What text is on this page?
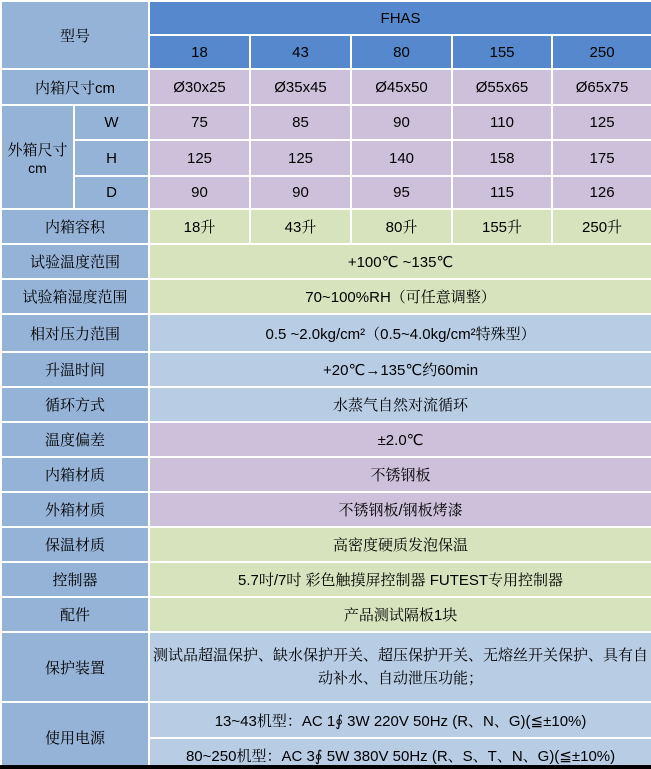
型号		FHAS				
		18	43	80	155	250
内箱尺寸cm		Ø30x25	Ø35x45	Ø45x50	Ø55x65	Ø65x75

外箱尺寸
cm	W	75	85	90	110	125
	H	125	125	140	158	175
	D	90	90	95	115	126
内箱容积		18升	43升	80升	155升	250升
试验温度范围		+100℃ ~135℃				
试验箱湿度范围		70~100%RH（可任意调整）				
相对压力范围		0.5 ~2.0kg/cm²（0.5~4.0kg/cm²特殊型）				
升温时间		+20℃→135℃约60min				
循环方式		水蒸气自然对流循环				
温度偏差		±2.0℃				
内箱材质		不锈钢板				
外箱材质		不锈钢板/钢板烤漆				
保温材质		高密度硬质发泡保温				
控制器		5.7吋/7吋 彩色触摸屏控制器 FUTEST专用控制器				
配件		产品测试隔板1块				
保护装置		测试品超温保护、缺水保护开关、超压保护开关、无熔丝开关保护、具有自动补水、自动泄压功能；				
使用电源		13~43机型：AC 1∮ 3W 220V 50Hz (R、N、G)(≦±10%)				
		80~250机型：AC 3∮ 5W 380V 50Hz (R、S、T、N、G)(≦±10%)				
